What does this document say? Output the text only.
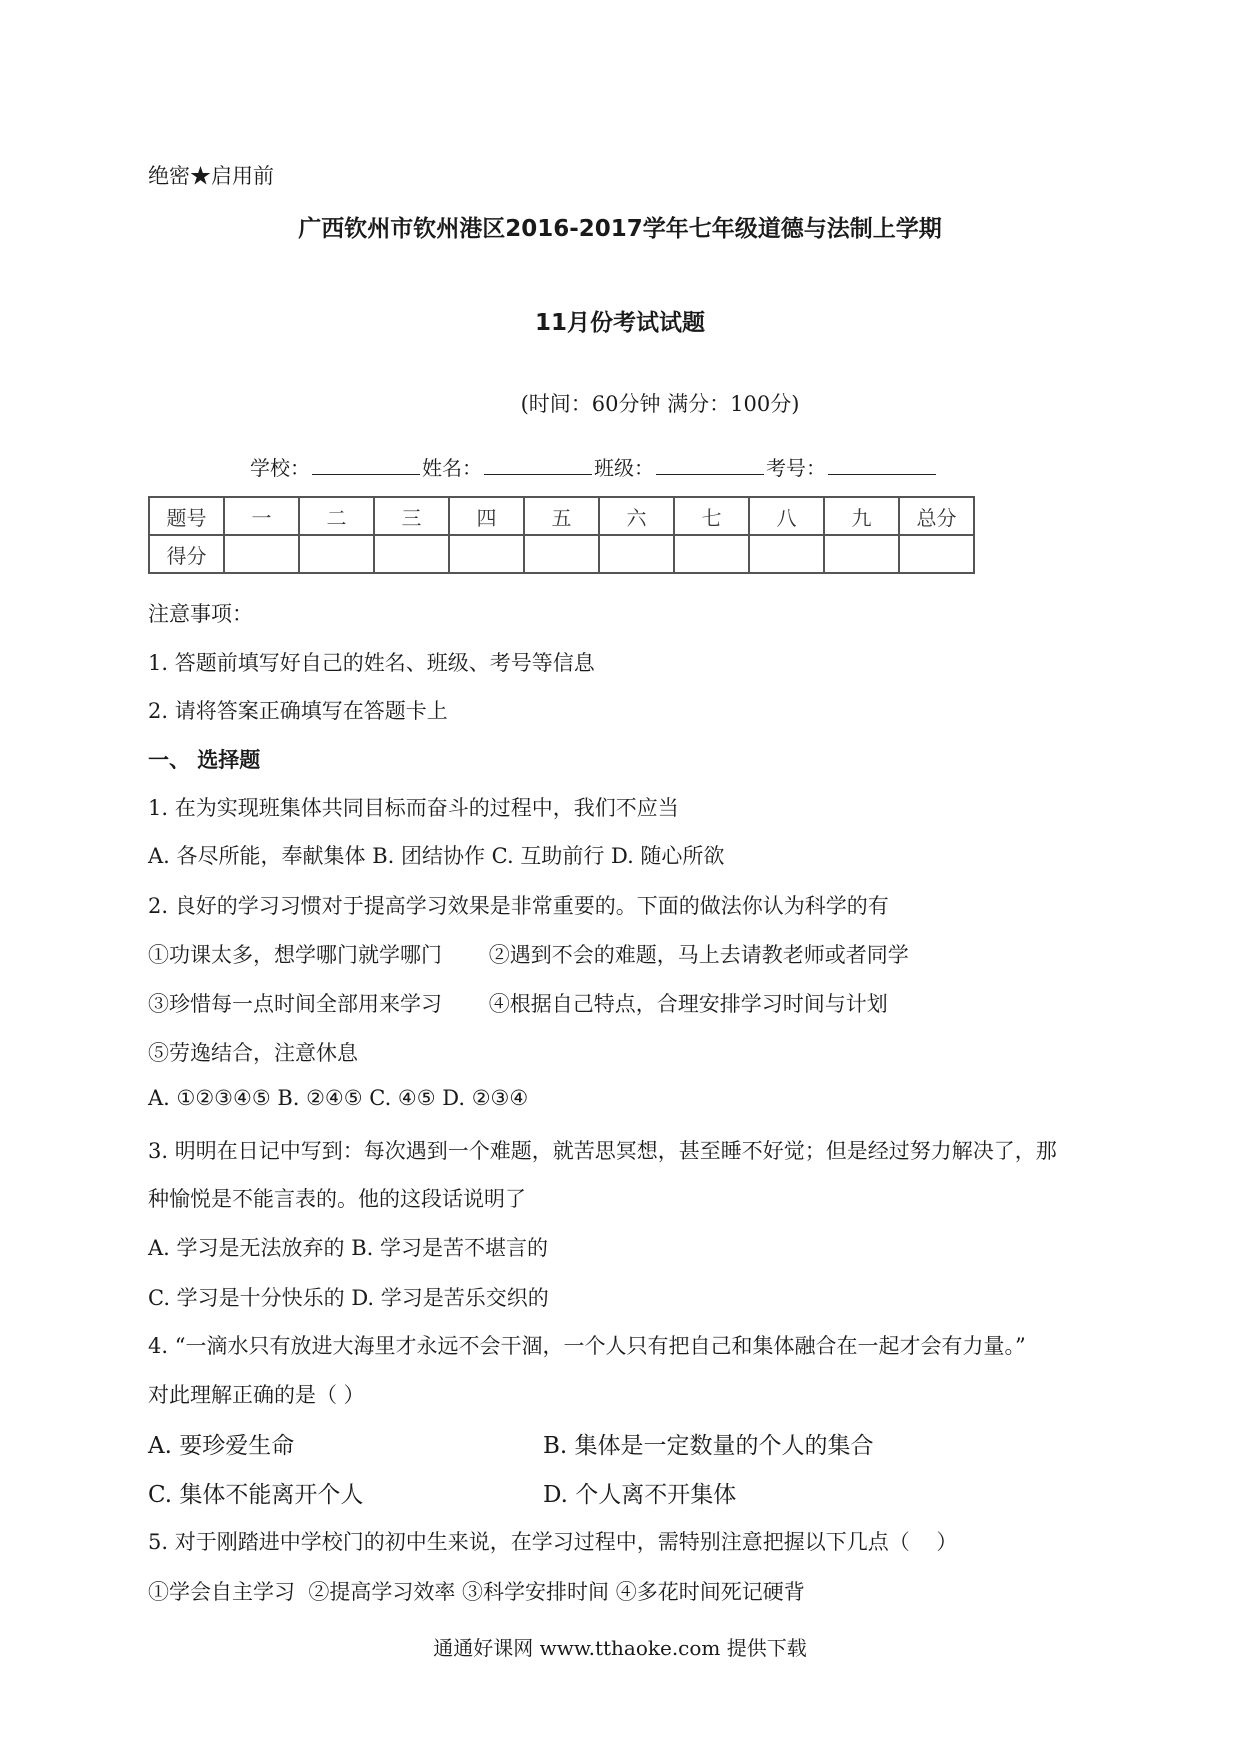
绝密★启用前
广西钦州市钦州港区2016-2017学年七年级道德与法制上学期
11月份考试试题
(时间：60分钟 满分：100分)
学校：	姓名：	班级：	考号：
题号	一	二	三	四	五	六	七	八	九	总分
得分										
注意事项：
1. 答题前填写好自己的姓名、班级、考号等信息
2. 请将答案正确填写在答题卡上
一、 选择题
1. 在为实现班集体共同目标而奋斗的过程中，我们不应当
A. 各尽所能，奉献集体 B. 团结协作 C. 互助前行 D. 随心所欲
2. 良好的学习习惯对于提高学习效果是非常重要的。下面的做法你认为科学的有
①功课太多，想学哪门就学哪门       ②遇到不会的难题，马上去请教老师或者同学
③珍惜每一点时间全部用来学习       ④根据自己特点，合理安排学习时间与计划
⑤劳逸结合，注意休息
A. ①②③④⑤ B. ②④⑤ C. ④⑤ D. ②③④
3. 明明在日记中写到：每次遇到一个难题，就苦思冥想，甚至睡不好觉；但是经过努力解决了，那
种愉悦是不能言表的。他的这段话说明了
A. 学习是无法放弃的 B. 学习是苦不堪言的
C. 学习是十分快乐的 D. 学习是苦乐交织的
4. “一滴水只有放进大海里才永远不会干涸，一个人只有把自己和集体融合在一起才会有力量。”
对此理解正确的是（ ）
A. 要珍爱生命	B. 集体是一定数量的个人的集合
C. 集体不能离开个人	D. 个人离不开集体
5. 对于刚踏进中学校门的初中生来说，在学习过程中，需特别注意把握以下几点（    ）
①学会自主学习  ②提高学习效率 ③科学安排时间 ④多花时间死记硬背
通通好课网 www.tthaoke.com 提供下载
